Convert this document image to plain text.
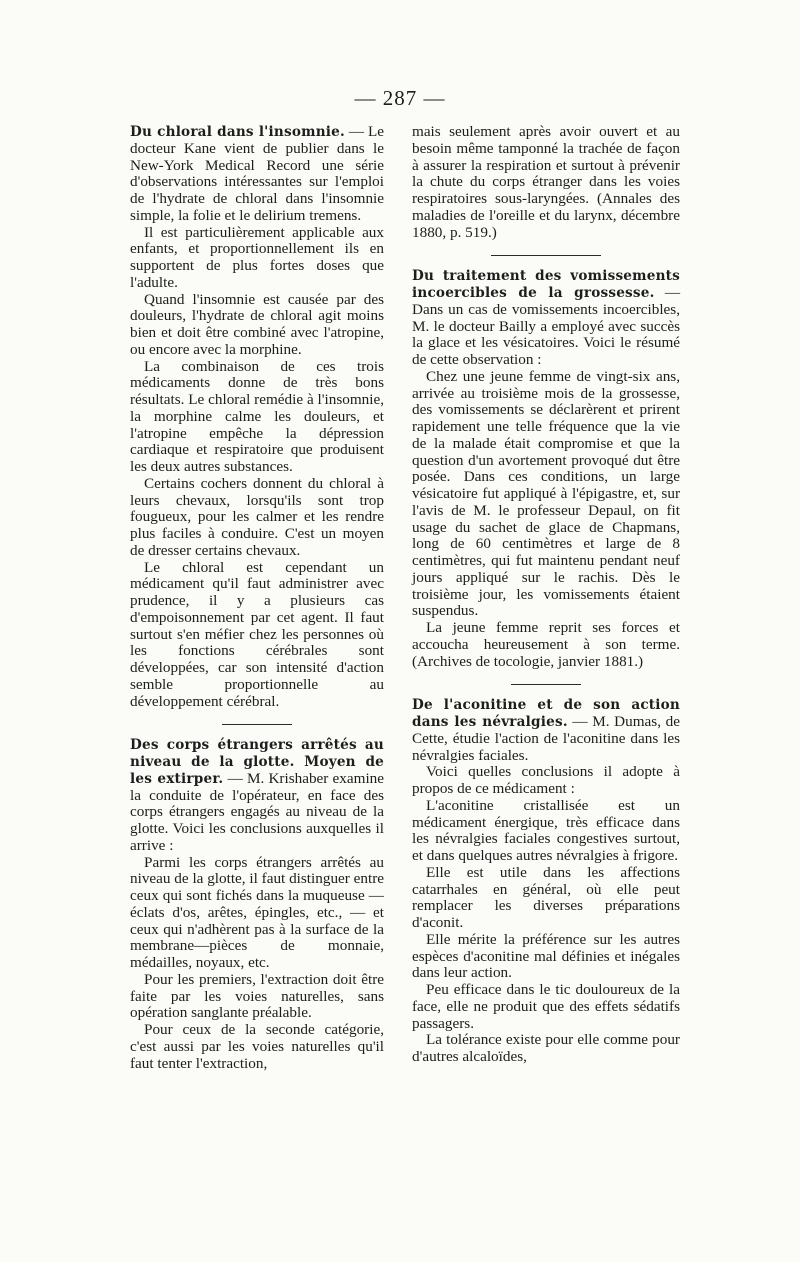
— 287 —

Du chloral dans l'insomnie. — Le docteur Kane vient de publier dans le New-York Medical Record une série d'observations intéressantes sur l'emploi de l'hydrate de chloral dans l'insomnie simple, la folie et le delirium tremens.

Il est particulièrement applicable aux enfants, et proportionnellement ils en supportent de plus fortes doses que l'adulte.

Quand l'insomnie est causée par des douleurs, l'hydrate de chloral agit moins bien et doit être combiné avec l'atropine, ou encore avec la morphine.

La combinaison de ces trois médicaments donne de très bons résultats. Le chloral remédie à l'insomnie, la morphine calme les douleurs, et l'atropine empêche la dépression cardiaque et respiratoire que produisent les deux autres substances.

Certains cochers donnent du chloral à leurs chevaux, lorsqu'ils sont trop fougueux, pour les calmer et les rendre plus faciles à conduire. C'est un moyen de dresser certains chevaux.

Le chloral est cependant un médicament qu'il faut administrer avec prudence, il y a plusieurs cas d'empoisonnement par cet agent. Il faut surtout s'en méfier chez les personnes où les fonctions cérébrales sont développées, car son intensité d'action semble proportionnelle au développement cérébral.

Des corps étrangers arrêtés au niveau de la glotte. Moyen de les extirper. — M. Krishaber examine la conduite de l'opérateur, en face des corps étrangers engagés au niveau de la glotte. Voici les conclusions auxquelles il arrive :

Parmi les corps étrangers arrêtés au niveau de la glotte, il faut distinguer entre ceux qui sont fichés dans la muqueuse — éclats d'os, arêtes, épingles, etc., — et ceux qui n'adhèrent pas à la surface de la membrane—pièces de monnaie, médailles, noyaux, etc.

Pour les premiers, l'extraction doit être faite par les voies naturelles, sans opération sanglante préalable.

Pour ceux de la seconde catégorie, c'est aussi par les voies naturelles qu'il faut tenter l'extraction,

mais seulement après avoir ouvert et au besoin même tamponné la trachée de façon à assurer la respiration et surtout à prévenir la chute du corps étranger dans les voies respiratoires sous-laryngées. (Annales des maladies de l'oreille et du larynx, décembre 1880, p. 519.)

Du traitement des vomissements incoercibles de la grossesse. — Dans un cas de vomissements incoercibles, M. le docteur Bailly a employé avec succès la glace et les vésicatoires. Voici le résumé de cette observation :

Chez une jeune femme de vingt-six ans, arrivée au troisième mois de la grossesse, des vomissements se déclarèrent et prirent rapidement une telle fréquence que la vie de la malade était compromise et que la question d'un avortement provoqué dut être posée. Dans ces conditions, un large vésicatoire fut appliqué à l'épigastre, et, sur l'avis de M. le professeur Depaul, on fit usage du sachet de glace de Chapmans, long de 60 centimètres et large de 8 centimètres, qui fut maintenu pendant neuf jours appliqué sur le rachis. Dès le troisième jour, les vomissements étaient suspendus.

La jeune femme reprit ses forces et accoucha heureusement à son terme. (Archives de tocologie, janvier 1881.)

De l'aconitine et de son action dans les névralgies. — M. Dumas, de Cette, étudie l'action de l'aconitine dans les névralgies faciales.

Voici quelles conclusions il adopte à propos de ce médicament :

L'aconitine cristallisée est un médicament énergique, très efficace dans les névralgies faciales congestives surtout, et dans quelques autres névralgies à frigore.

Elle est utile dans les affections catarrhales en général, où elle peut remplacer les diverses préparations d'aconit.

Elle mérite la préférence sur les autres espèces d'aconitine mal définies et inégales dans leur action.

Peu efficace dans le tic douloureux de la face, elle ne produit que des effets sédatifs passagers.

La tolérance existe pour elle comme pour d'autres alcaloïdes,
